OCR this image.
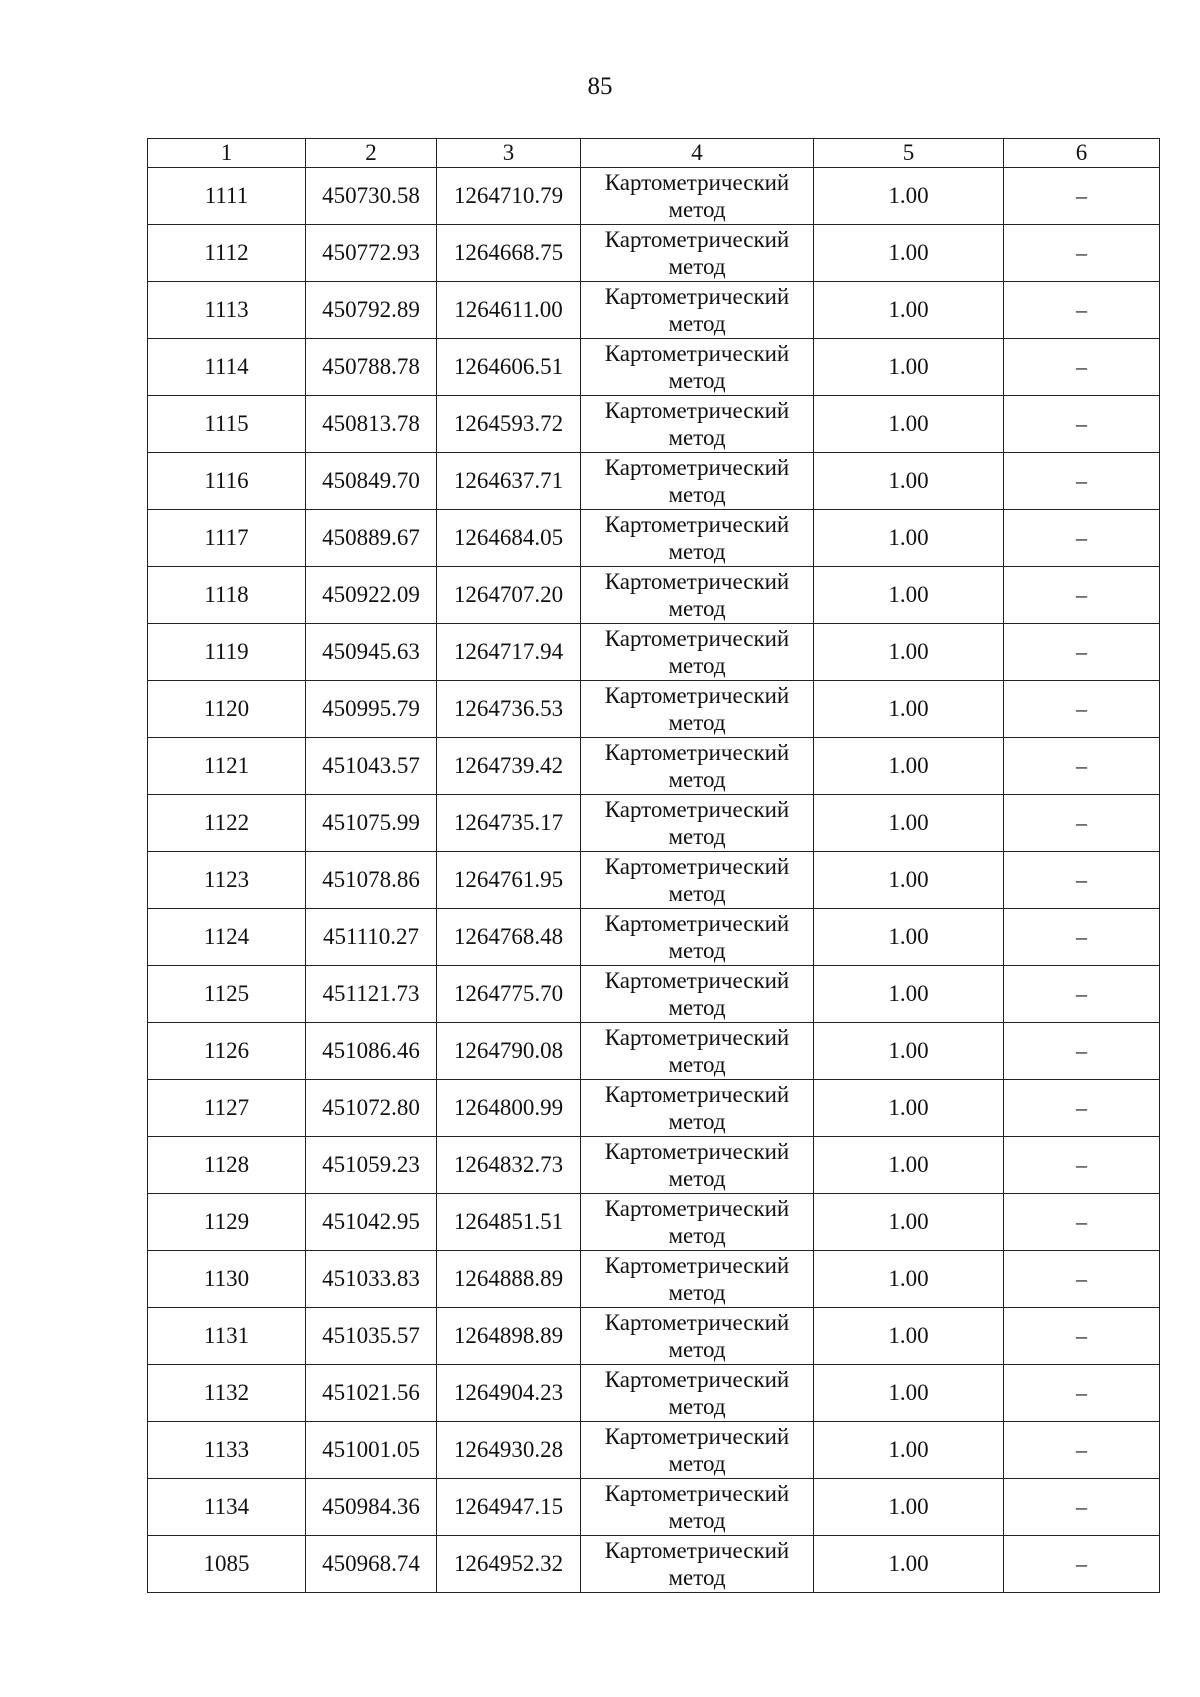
85
1	2	3	4	5	6
1111	450730.58	1264710.79	Картометрический метод	1.00	–
1112	450772.93	1264668.75	Картометрический метод	1.00	–
1113	450792.89	1264611.00	Картометрический метод	1.00	–
1114	450788.78	1264606.51	Картометрический метод	1.00	–
1115	450813.78	1264593.72	Картометрический метод	1.00	–
1116	450849.70	1264637.71	Картометрический метод	1.00	–
1117	450889.67	1264684.05	Картометрический метод	1.00	–
1118	450922.09	1264707.20	Картометрический метод	1.00	–
1119	450945.63	1264717.94	Картометрический метод	1.00	–
1120	450995.79	1264736.53	Картометрический метод	1.00	–
1121	451043.57	1264739.42	Картометрический метод	1.00	–
1122	451075.99	1264735.17	Картометрический метод	1.00	–
1123	451078.86	1264761.95	Картометрический метод	1.00	–
1124	451110.27	1264768.48	Картометрический метод	1.00	–
1125	451121.73	1264775.70	Картометрический метод	1.00	–
1126	451086.46	1264790.08	Картометрический метод	1.00	–
1127	451072.80	1264800.99	Картометрический метод	1.00	–
1128	451059.23	1264832.73	Картометрический метод	1.00	–
1129	451042.95	1264851.51	Картометрический метод	1.00	–
1130	451033.83	1264888.89	Картометрический метод	1.00	–
1131	451035.57	1264898.89	Картометрический метод	1.00	–
1132	451021.56	1264904.23	Картометрический метод	1.00	–
1133	451001.05	1264930.28	Картометрический метод	1.00	–
1134	450984.36	1264947.15	Картометрический метод	1.00	–
1085	450968.74	1264952.32	Картометрический метод	1.00	–
